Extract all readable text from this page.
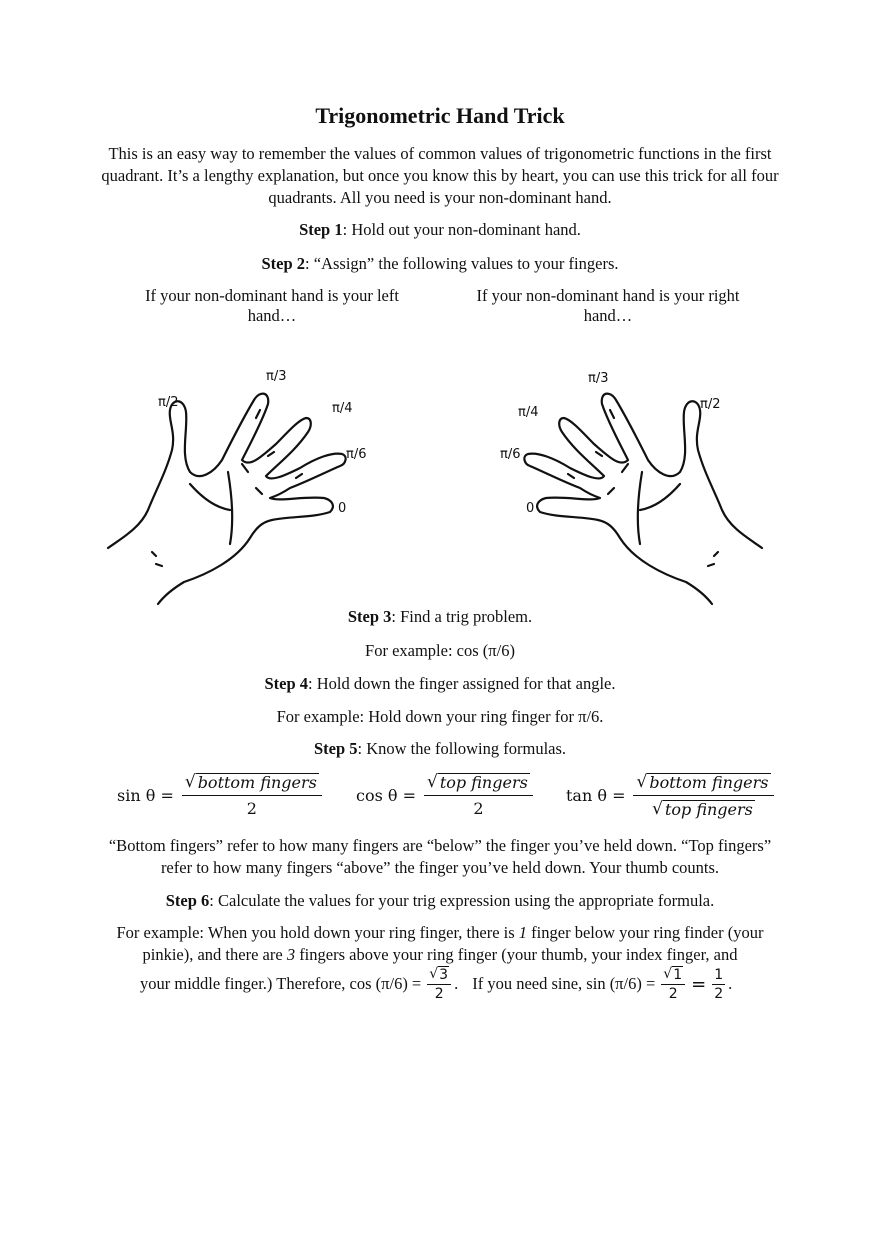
Trigonometric Hand Trick
This is an easy way to remember the values of common values of trigonometric functions in the first quadrant. It’s a lengthy explanation, but once you know this by heart, you can use this trick for all four quadrants. All you need is your non-dominant hand.
Step 1: Hold out your non-dominant hand.
Step 2: “Assign” the following values to your fingers.
If your non-dominant hand is your left hand…
If your non-dominant hand is your right hand…
π/3
π/2	π/4
π/6
0
π/3
π/4
π/2
π/6
0
Step 3: Find a trig problem.
For example: cos (π/6)
Step 4: Hold down the finger assigned for that angle.
For example: Hold down your ring finger for π/6.
Step 5: Know the following formulas.
$\sin \theta = \frac{\text{√ bottom fingers}}{2}$ $\cos \theta = \frac{\text{√ top fingers}}{2}$ $\tan \theta = \frac{\text{√ bottom fingers}}{\text{√ top fingers}}$
“Bottom fingers” refer to how many fingers are “below” the finger you’ve held down. “Top fingers” refer to how many fingers “above” the finger you’ve held down. Your thumb counts.
Step 6: Calculate the values for your trig expression using the appropriate formula.
For example: When you hold down your ring finger, there is 1 finger below your ring finder (your pinkie), and there are 3 fingers above your ring finger (your thumb, your index finger, and
your middle finger.) Therefore, $\cos (\pi/6) = \frac{√ 3}{2}$ . If you need sine, $\sin (\pi/6) = \frac{√ 1}{2} = \frac{1}{2}$ .
